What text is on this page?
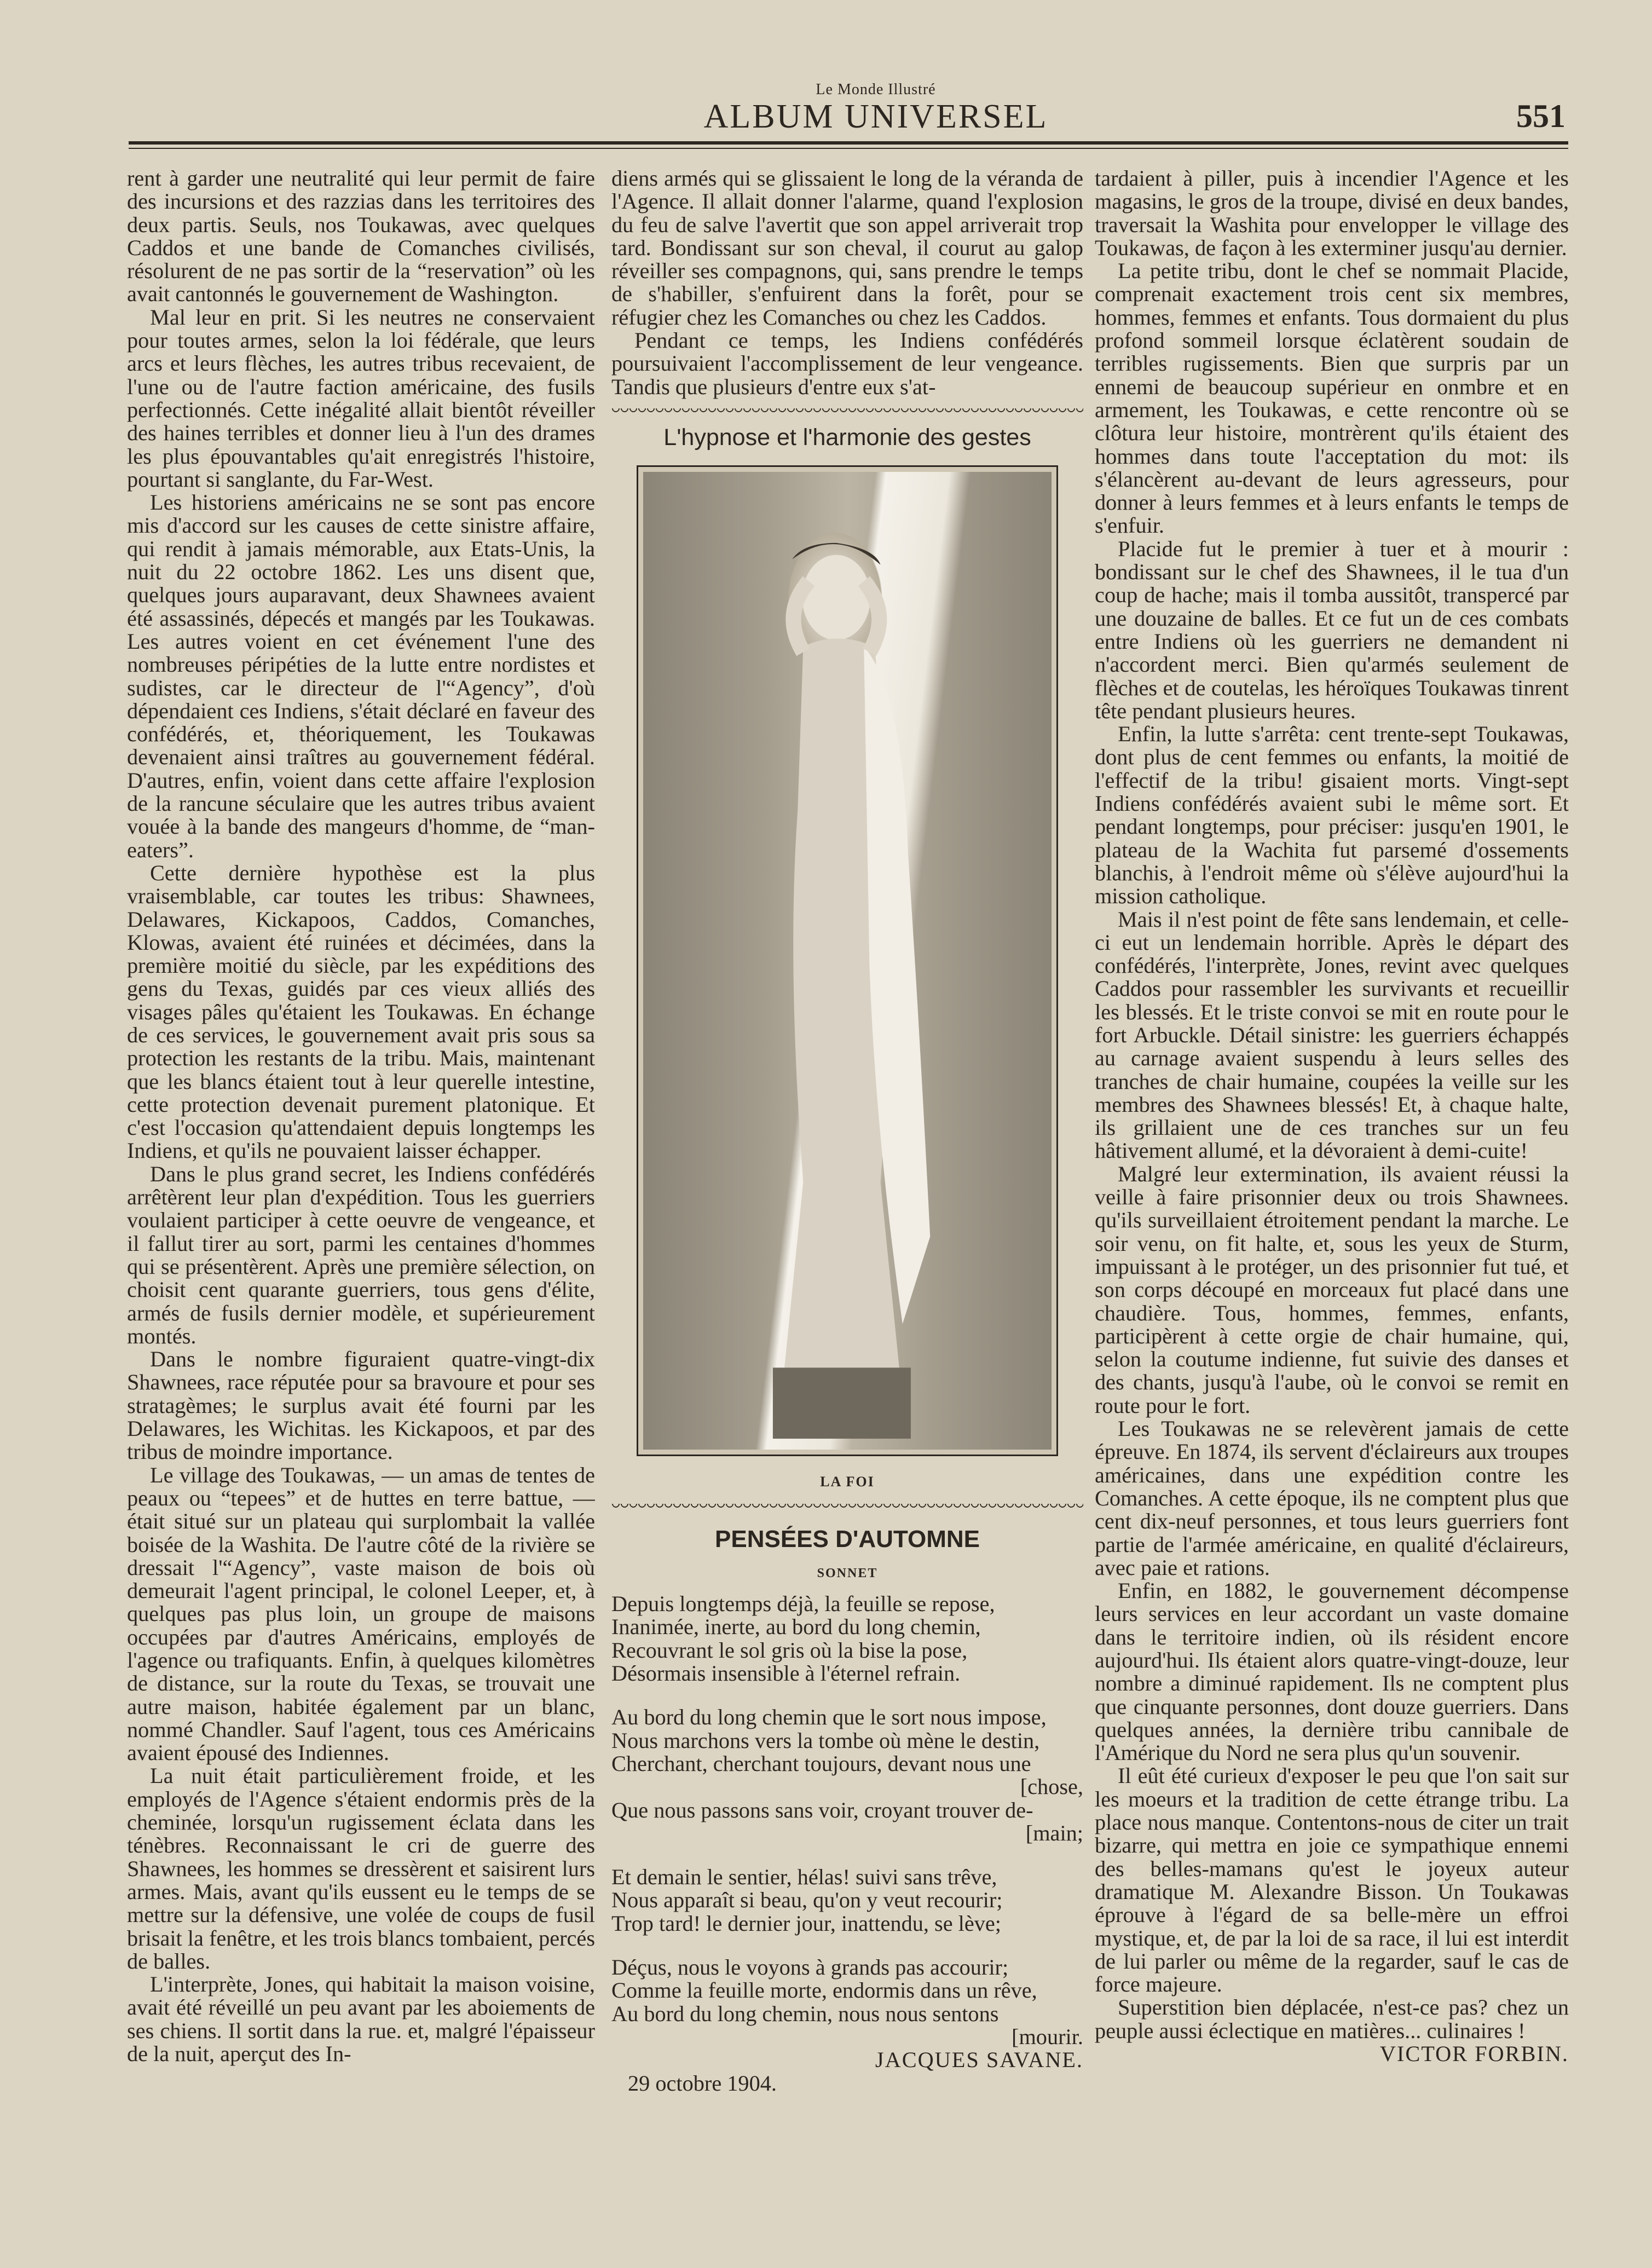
Le Monde Illustré
ALBUM UNIVERSEL	551

rent à garder une neutralité qui leur permit de faire des incursions et des razzias dans les territoires des deux partis. Seuls, nos Toukawas, avec quelques Caddos et une bande de Comanches civilisés, résolurent de ne pas sortir de la “reservation” où les avait cantonnés le gouvernement de Washington.

Mal leur en prit. Si les neutres ne conservaient pour toutes armes, selon la loi fédérale, que leurs arcs et leurs flèches, les autres tribus recevaient, de l'une ou de l'autre faction américaine, des fusils perfectionnés. Cette inégalité allait bientôt réveiller des haines terribles et donner lieu à l'un des drames les plus épouvantables qu'ait enregistrés l'histoire, pourtant si sanglante, du Far-West.

Les historiens américains ne se sont pas encore mis d'accord sur les causes de cette sinistre affaire, qui rendit à jamais mémorable, aux Etats-Unis, la nuit du 22 octobre 1862. Les uns disent que, quelques jours auparavant, deux Shawnees avaient été assassinés, dépecés et mangés par les Toukawas. Les autres voient en cet événement l'une des nombreuses péripéties de la lutte entre nordistes et sudistes, car le directeur de l'“Agency”, d'où dépendaient ces Indiens, s'était déclaré en faveur des confédérés, et, théoriquement, les Toukawas devenaient ainsi traîtres au gouvernement fédéral. D'autres, enfin, voient dans cette affaire l'explosion de la rancune séculaire que les autres tribus avaient vouée à la bande des mangeurs d'homme, de “man-eaters”.

Cette dernière hypothèse est la plus vraisemblable, car toutes les tribus: Shawnees, Delawares, Kickapoos, Caddos, Comanches, Klowas, avaient été ruinées et décimées, dans la première moitié du siècle, par les expéditions des gens du Texas, guidés par ces vieux alliés des visages pâles qu'étaient les Toukawas. En échange de ces services, le gouvernement avait pris sous sa protection les restants de la tribu. Mais, maintenant que les blancs étaient tout à leur querelle intestine, cette protection devenait purement platonique. Et c'est l'occasion qu'attendaient depuis longtemps les Indiens, et qu'ils ne pouvaient laisser échapper.

Dans le plus grand secret, les Indiens confédérés arrêtèrent leur plan d'expédition. Tous les guerriers voulaient participer à cette oeuvre de vengeance, et il fallut tirer au sort, parmi les centaines d'hommes qui se présentèrent. Après une première sélection, on choisit cent quarante guerriers, tous gens d'élite, armés de fusils dernier modèle, et supérieurement montés.

Dans le nombre figuraient quatre-vingt-dix Shawnees, race réputée pour sa bravoure et pour ses stratagèmes; le surplus avait été fourni par les Delawares, les Wichitas. les Kickapoos, et par des tribus de moindre importance.

Le village des Toukawas, — un amas de tentes de peaux ou “tepees” et de huttes en terre battue, — était situé sur un plateau qui surplombait la vallée boisée de la Washita. De l'autre côté de la rivière se dressait l'“Agency”, vaste maison de bois où demeurait l'agent principal, le colonel Leeper, et, à quelques pas plus loin, un groupe de maisons occupées par d'autres Américains, employés de l'agence ou trafiquants. Enfin, à quelques kilomètres de distance, sur la route du Texas, se trouvait une autre maison, habitée également par un blanc, nommé Chandler. Sauf l'agent, tous ces Américains avaient épousé des Indiennes.

La nuit était particulièrement froide, et les employés de l'Agence s'étaient endormis près de la cheminée, lorsqu'un rugissement éclata dans les ténèbres. Reconnaissant le cri de guerre des Shawnees, les hommes se dressèrent et saisirent lurs armes. Mais, avant qu'ils eussent eu le temps de se mettre sur la défensive, une volée de coups de fusil brisait la fenêtre, et les trois blancs tombaient, percés de balles.

L'interprète, Jones, qui habitait la maison voisine, avait été réveillé un peu avant par les aboiements de ses chiens. Il sortit dans la rue. et, malgré l'épaisseur de la nuit, aperçut des In-

diens armés qui se glissaient le long de la véranda de l'Agence. Il allait donner l'alarme, quand l'explosion du feu de salve l'avertit que son appel arriverait trop tard. Bondissant sur son cheval, il courut au galop réveiller ses compagnons, qui, sans prendre le temps de s'habiller, s'enfuirent dans la forêt, pour se réfugier chez les Comanches ou chez les Caddos.

Pendant ce temps, les Indiens confédérés poursuivaient l'accomplissement de leur vengeance. Tandis que plusieurs d'entre eux s'at-

L'hypnose et l'harmonie des gestes
LA FOI
PENSÉES D'AUTOMNE
SONNET
Depuis longtemps déjà, la feuille se repose,
Inanimée, inerte, au bord du long chemin,
Recouvrant le sol gris où la bise la pose,
Désormais insensible à l'éternel refrain.
Au bord du long chemin que le sort nous impose,
Nous marchons vers la tombe où mène le destin,
Cherchant, cherchant toujours, devant nous une
[chose,
Que nous passons sans voir, croyant trouver de-
[main;
Et demain le sentier, hélas! suivi sans trêve,
Nous apparaît si beau, qu'on y veut recourir;
Trop tard! le dernier jour, inattendu, se lève;
Déçus, nous le voyons à grands pas accourir;
Comme la feuille morte, endormis dans un rêve,
Au bord du long chemin, nous nous sentons
[mourir.
JACQUES SAVANE.
29 octobre 1904.

tardaient à piller, puis à incendier l'Agence et les magasins, le gros de la troupe, divisé en deux bandes, traversait la Washita pour envelopper le village des Toukawas, de façon à les exterminer jusqu'au dernier.

La petite tribu, dont le chef se nommait Placide, comprenait exactement trois cent six membres, hommes, femmes et enfants. Tous dormaient du plus profond sommeil lorsque éclatèrent soudain de terribles rugissements. Bien que surpris par un ennemi de beaucoup supérieur en onmbre et en armement, les Toukawas, e cette rencontre où se clôtura leur histoire, montrèrent qu'ils étaient des hommes dans toute l'acceptation du mot: ils s'élancèrent au-devant de leurs agresseurs, pour donner à leurs femmes et à leurs enfants le temps de s'enfuir.

Placide fut le premier à tuer et à mourir : bondissant sur le chef des Shawnees, il le tua d'un coup de hache; mais il tomba aussitôt, transpercé par une douzaine de balles. Et ce fut un de ces combats entre Indiens où les guerriers ne demandent ni n'accordent merci. Bien qu'armés seulement de flèches et de coutelas, les héroïques Toukawas tinrent tête pendant plusieurs heures.

Enfin, la lutte s'arrêta: cent trente-sept Toukawas, dont plus de cent femmes ou enfants, la moitié de l'effectif de la tribu! gisaient morts. Vingt-sept Indiens confédérés avaient subi le même sort. Et pendant longtemps, pour préciser: jusqu'en 1901, le plateau de la Wachita fut parsemé d'ossements blanchis, à l'endroit même où s'élève aujourd'hui la mission catholique.

Mais il n'est point de fête sans lendemain, et celle-ci eut un lendemain horrible. Après le départ des confédérés, l'interprète, Jones, revint avec quelques Caddos pour rassembler les survivants et recueillir les blessés. Et le triste convoi se mit en route pour le fort Arbuckle. Détail sinistre: les guerriers échappés au carnage avaient suspendu à leurs selles des tranches de chair humaine, coupées la veille sur les membres des Shawnees blessés! Et, à chaque halte, ils grillaient une de ces tranches sur un feu hâtivement allumé, et la dévoraient à demi-cuite!

Malgré leur extermination, ils avaient réussi la veille à faire prisonnier deux ou trois Shawnees. qu'ils surveillaient étroitement pendant la marche. Le soir venu, on fit halte, et, sous les yeux de Sturm, impuissant à le protéger, un des prisonnier fut tué, et son corps découpé en morceaux fut placé dans une chaudière. Tous, hommes, femmes, enfants, participèrent à cette orgie de chair humaine, qui, selon la coutume indienne, fut suivie des danses et des chants, jusqu'à l'aube, où le convoi se remit en route pour le fort.

Les Toukawas ne se relevèrent jamais de cette épreuve. En 1874, ils servent d'éclaireurs aux troupes américaines, dans une expédition contre les Comanches. A cette époque, ils ne comptent plus que cent dix-neuf personnes, et tous leurs guerriers font partie de l'armée américaine, en qualité d'éclaireurs, avec paie et rations.

Enfin, en 1882, le gouvernement décompense leurs services en leur accordant un vaste domaine dans le territoire indien, où ils résident encore aujourd'hui. Ils étaient alors quatre-vingt-douze, leur nombre a diminué rapidement. Ils ne comptent plus que cinquante personnes, dont douze guerriers. Dans quelques années, la dernière tribu cannibale de l'Amérique du Nord ne sera plus qu'un souvenir.

Il eût été curieux d'exposer le peu que l'on sait sur les moeurs et la tradition de cette étrange tribu. La place nous manque. Contentons-nous de citer un trait bizarre, qui mettra en joie ce sympathique ennemi des belles-mamans qu'est le joyeux auteur dramatique M. Alexandre Bisson. Un Toukawas éprouve à l'égard de sa belle-mère un effroi mystique, et, de par la loi de sa race, il lui est interdit de lui parler ou même de la regarder, sauf le cas de force majeure.

Superstition bien déplacée, n'est-ce pas? chez un peuple aussi éclectique en matières... culinaires !

VICTOR FORBIN.
